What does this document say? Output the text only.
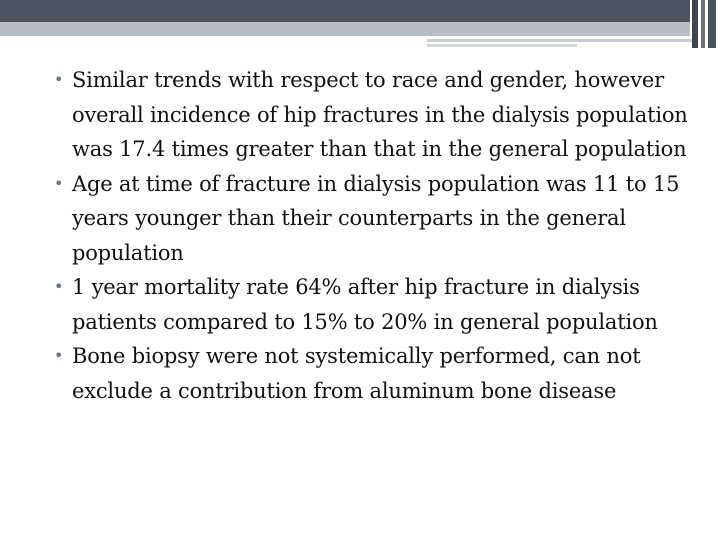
• Similar trends with respect to race and gender, however overall incidence of hip fractures in the dialysis population was 17.4 times greater than that in the general population
• Age at time of fracture in dialysis population was 11 to 15 years younger than their counterparts in the general population
• 1 year mortality rate 64% after hip fracture in dialysis patients compared to 15% to 20% in general population
• Bone biopsy were not systemically performed, can not exclude a contribution from aluminum bone disease
